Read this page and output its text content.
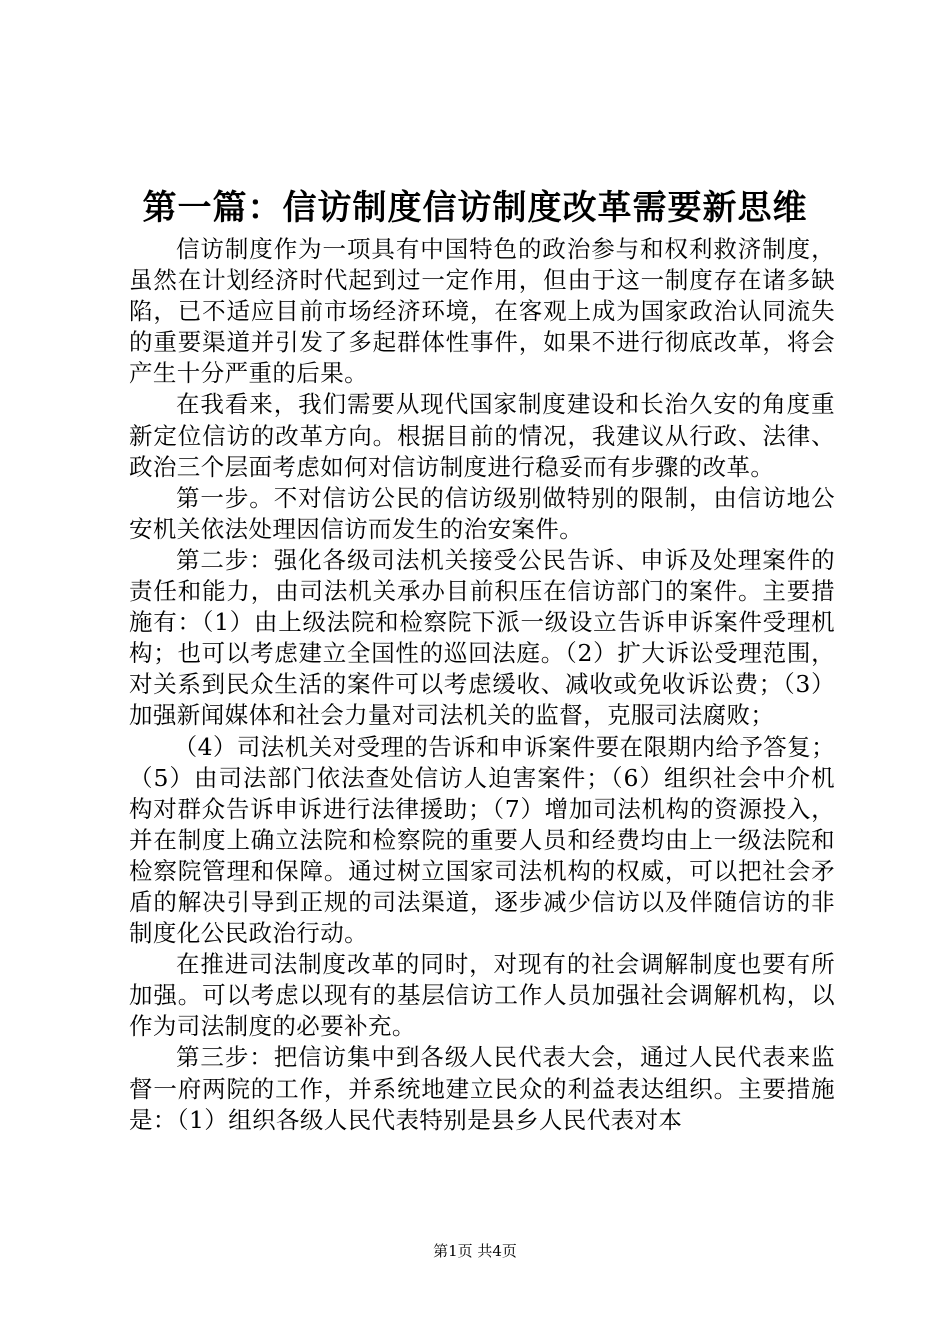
第一篇：信访制度信访制度改革需要新思维

信访制度作为一项具有中国特色的政治参与和权利救济制度，虽然在计划经济时代起到过一定作用，但由于这一制度存在诸多缺陷，已不适应目前市场经济环境，在客观上成为国家政治认同流失的重要渠道并引发了多起群体性事件，如果不进行彻底改革，将会产生十分严重的后果。

在我看来，我们需要从现代国家制度建设和长治久安的角度重新定位信访的改革方向。根据目前的情况，我建议从行政、法律、政治三个层面考虑如何对信访制度进行稳妥而有步骤的改革。

第一步。不对信访公民的信访级别做特别的限制，由信访地公安机关依法处理因信访而发生的治安案件。

第二步：强化各级司法机关接受公民告诉、申诉及处理案件的责任和能力，由司法机关承办目前积压在信访部门的案件。主要措施有：（1）由上级法院和检察院下派一级设立告诉申诉案件受理机构；也可以考虑建立全国性的巡回法庭。（2）扩大诉讼受理范围，对关系到民众生活的案件可以考虑缓收、减收或免收诉讼费；（3）加强新闻媒体和社会力量对司法机关的监督，克服司法腐败；

（4）司法机关对受理的告诉和申诉案件要在限期内给予答复；（5）由司法部门依法查处信访人迫害案件；（6）组织社会中介机构对群众告诉申诉进行法律援助；（7）增加司法机构的资源投入，并在制度上确立法院和检察院的重要人员和经费均由上一级法院和检察院管理和保障。通过树立国家司法机构的权威，可以把社会矛盾的解决引导到正规的司法渠道，逐步减少信访以及伴随信访的非制度化公民政治行动。

在推进司法制度改革的同时，对现有的社会调解制度也要有所加强。可以考虑以现有的基层信访工作人员加强社会调解机构，以作为司法制度的必要补充。

第三步：把信访集中到各级人民代表大会，通过人民代表来监督一府两院的工作，并系统地建立民众的利益表达组织。主要措施是：（1）组织各级人民代表特别是县乡人民代表对本

第1页 共4页
